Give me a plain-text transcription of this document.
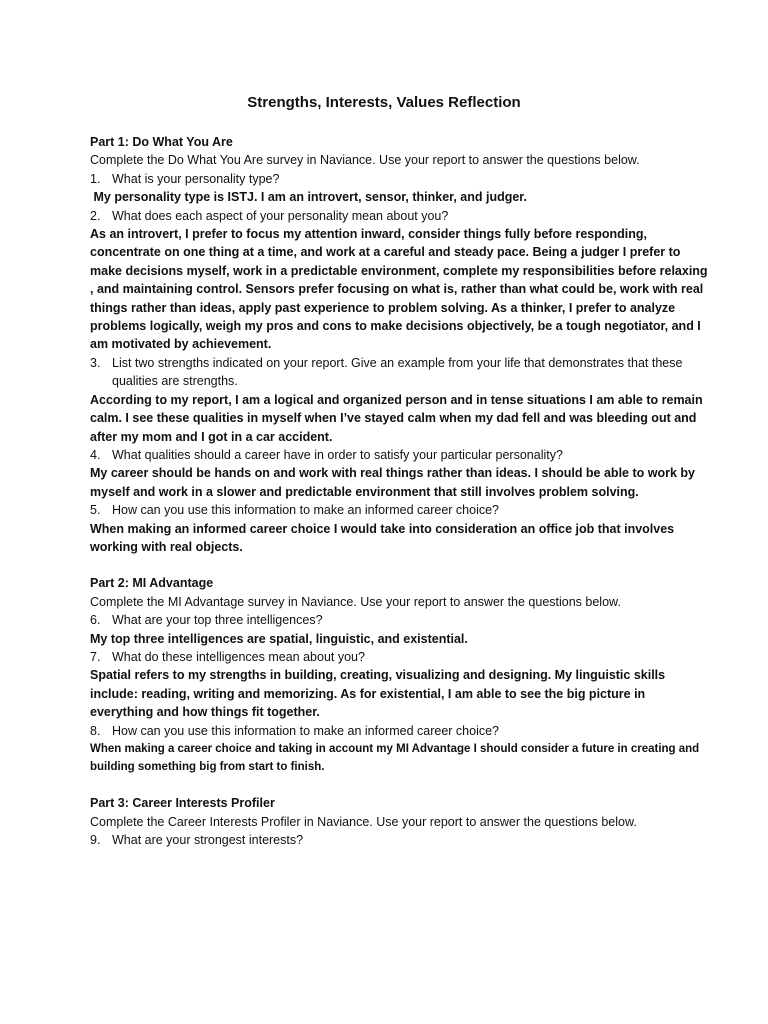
Strengths, Interests, Values Reflection
Part 1: Do What You Are
Complete the Do What You Are survey in Naviance. Use your report to answer the questions below.
1. What is your personality type?
My personality type is ISTJ. I am an introvert, sensor, thinker, and judger.
2. What does each aspect of your personality mean about you?
As an introvert, I prefer to focus my attention inward, consider things fully before responding, concentrate on one thing at a time, and work at a careful and steady pace. Being a judger I prefer to make decisions myself, work in a predictable environment, complete my responsibilities before relaxing , and maintaining control. Sensors prefer focusing on what is, rather than what could be, work with real things rather than ideas, apply past experience to problem solving. As a thinker, I prefer to analyze problems logically, weigh my pros and cons to make decisions objectively, be a tough negotiator, and I am motivated by achievement.
3. List two strengths indicated on your report. Give an example from your life that demonstrates that these qualities are strengths.
According to my report, I am a logical and organized person and in tense situations I am able to remain calm. I see these qualities in myself when I’ve stayed calm when my dad fell and was bleeding out and after my mom and I got in a car accident.
4. What qualities should a career have in order to satisfy your particular personality?
My career should be hands on and work with real things rather than ideas. I should be able to work by myself and work in a slower and predictable environment that still involves problem solving.
5. How can you use this information to make an informed career choice?
When making an informed career choice I would take into consideration an office job that involves working with real objects.
Part 2: MI Advantage
Complete the MI Advantage survey in Naviance. Use your report to answer the questions below.
6. What are your top three intelligences?
My top three intelligences are spatial, linguistic, and existential.
7. What do these intelligences mean about you?
Spatial refers to my strengths in building, creating, visualizing and designing. My linguistic skills include: reading, writing and memorizing. As for existential, I am able to see the big picture in everything and how things fit together.
8. How can you use this information to make an informed career choice?
When making a career choice and taking in account my MI Advantage I should consider a future in creating and building something big from start to finish.
Part 3: Career Interests Profiler
Complete the Career Interests Profiler in Naviance. Use your report to answer the questions below.
9. What are your strongest interests?
